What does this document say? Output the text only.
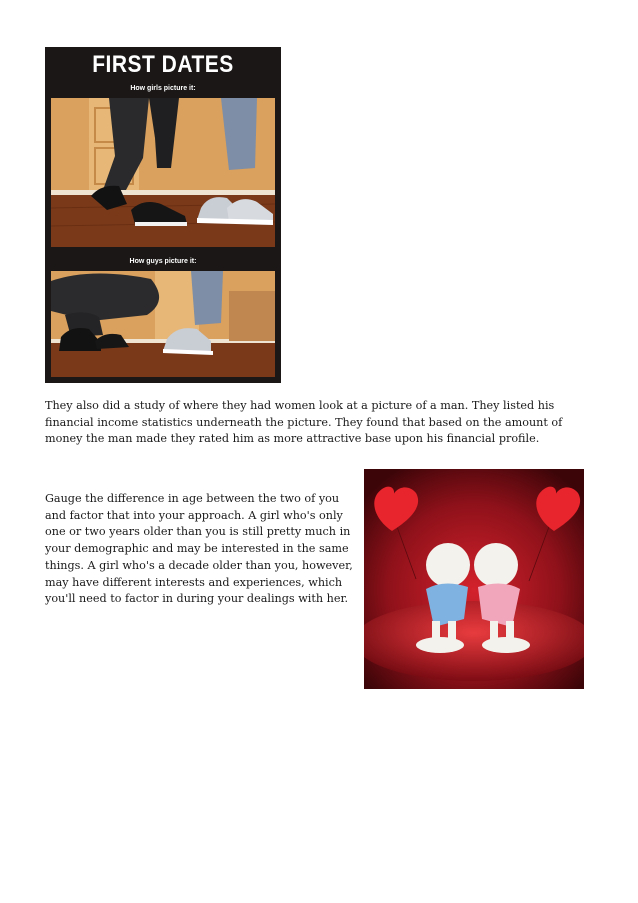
FIRST DATES
How girls picture it:
How guys picture it:

They also did a study of where they had women look at a picture of a man. They listed his financial income statistics underneath the picture. They found that based on the amount of money the man made they rated him as more attractive base upon his financial profile.

Gauge the difference in age between the two of you and factor that into your approach. A girl who's only one or two years older than you is still pretty much in your demographic and may be interested in the same things. A girl who's a decade older than you, however, may have different interests and experiences, which you'll need to factor in during your dealings with her.
